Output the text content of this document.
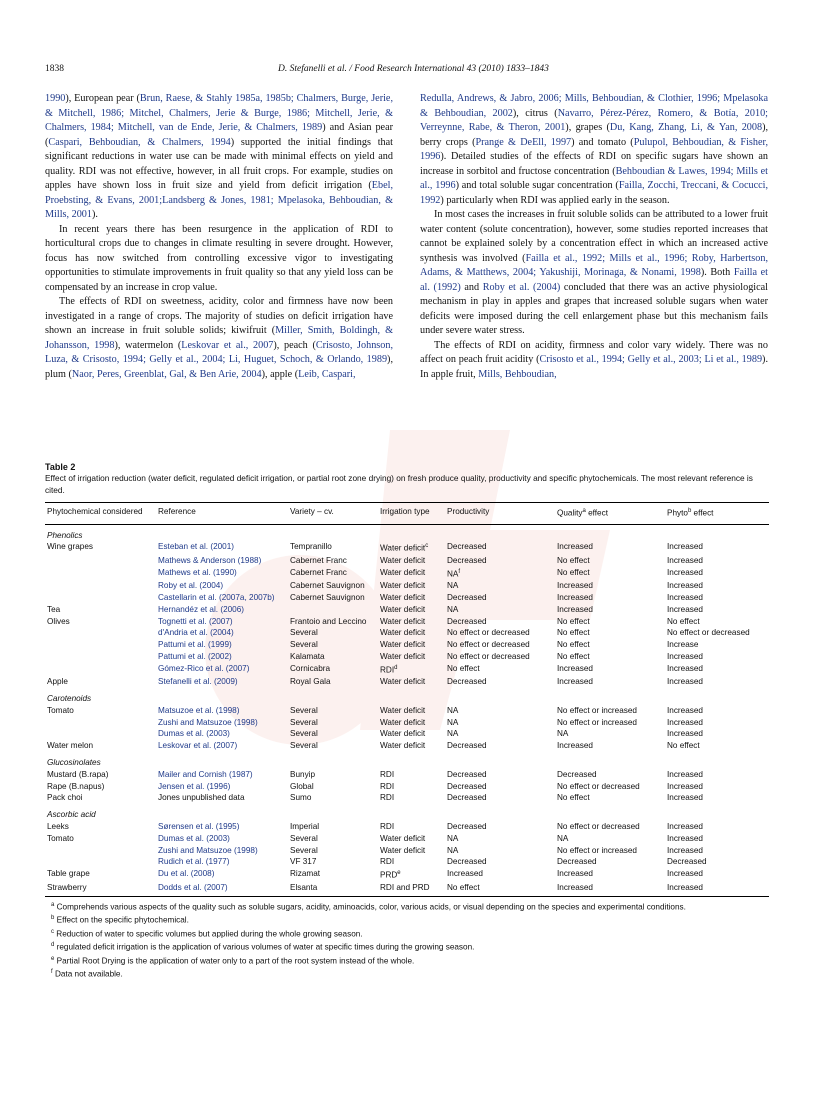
1838	D. Stefanelli et al. / Food Research International 43 (2010) 1833–1843

1990), European pear (Brun, Raese, & Stahly 1985a, 1985b; Chalmers, Burge, Jerie, & Mitchell, 1986; Mitchel, Chalmers, Jerie & Burge, 1986; Mitchell, Jerie, & Chalmers, 1984; Mitchell, van de Ende, Jerie, & Chalmers, 1989) and Asian pear (Caspari, Behboudian, & Chalmers, 1994) supported the initial findings that significant reductions in water use can be made with minimal effects on yield and quality. RDI was not effective, however, in all fruit crops. For example, studies on apples have shown loss in fruit size and yield from deficit irrigation (Ebel, Proebsting, & Evans, 2001;Landsberg & Jones, 1981; Mpelasoka, Behboudian, & Mills, 2001).

In recent years there has been resurgence in the application of RDI to horticultural crops due to changes in climate resulting in severe drought. However, focus has now switched from controlling excessive vigor to investigating opportunities to stimulate improvements in fruit quality so that any yield loss can be compensated by an increase in crop value.

The effects of RDI on sweetness, acidity, color and firmness have now been investigated in a range of crops. The majority of studies on deficit irrigation have shown an increase in fruit soluble solids; kiwifruit (Miller, Smith, Boldingh, & Johansson, 1998), watermelon (Leskovar et al., 2007), peach (Crisosto, Johnson, Luza, & Crisosto, 1994; Gelly et al., 2004; Li, Huguet, Schoch, & Orlando, 1989), plum (Naor, Peres, Greenblat, Gal, & Ben Arie, 2004), apple (Leib, Caspari,

Redulla, Andrews, & Jabro, 2006; Mills, Behboudian, & Clothier, 1996; Mpelasoka & Behboudian, 2002), citrus (Navarro, Pérez-Pérez, Romero, & Botía, 2010; Verreynne, Rabe, & Theron, 2001), grapes (Du, Kang, Zhang, Li, & Yan, 2008), berry crops (Prange & DeEll, 1997) and tomato (Pulupol, Behboudian, & Fisher, 1996). Detailed studies of the effects of RDI on specific sugars have shown an increase in sorbitol and fructose concentration (Behboudian & Lawes, 1994; Mills et al., 1996) and total soluble sugar concentration (Failla, Zocchi, Treccani, & Cocucci, 1992) particularly when RDI was applied early in the season.

In most cases the increases in fruit soluble solids can be attributed to a lower fruit water content (solute concentration), however, some studies reported increases that cannot be explained solely by a concentration effect in which an increased active synthesis was involved (Failla et al., 1992; Mills et al., 1996; Roby, Harbertson, Adams, & Matthews, 2004; Yakushiji, Morinaga, & Nonami, 1998). Both Failla et al. (1992) and Roby et al. (2004) concluded that there was an active physiological mechanism in play in apples and grapes that increased soluble sugars when water deficits were imposed during the cell enlargement phase but this mechanism fails under severe water stress.

The effects of RDI on acidity, firmness and color vary widely. There was no affect on peach fruit acidity (Crisosto et al., 1994; Gelly et al., 2003; Li et al., 1989). In apple fruit, Mills, Behboudian,

Table 2
Effect of irrigation reduction (water deficit, regulated deficit irrigation, or partial root zone drying) on fresh produce quality, productivity and specific phytochemicals. The most relevant reference is cited.
Phytochemical considered	Reference	Variety – cv.	Irrigation type	Productivity	Quality$^a$ effect	Phyto$^b$ effect
Phenolics						
Wine grapes	Esteban et al. (2001)	Tempranillo	Water deficit$^c$	Decreased	Increased	Increased
	Mathews & Anderson (1988)	Cabernet Franc	Water deficit	Decreased	No effect	Increased
	Mathews et al. (1990)	Cabernet Franc	Water deficit	$NA^f$	No effect	Increased
	Roby et al. (2004)	Cabernet Sauvignon	Water deficit	NA	Increased	Increased
	Castellarin et al. (2007a, 2007b)	Cabernet Sauvignon	Water deficit	Decreased	Increased	Increased
Tea	Hernandéz et al. (2006)		Water deficit	NA	Increased	Increased
Olives	Tognetti et al. (2007)	Frantoio and Leccino	Water deficit	Decreased	No effect	No effect
	d'Andria et al. (2004)	Several	Water deficit	No effect or decreased	No effect	No effect or decreased
	Pattumi et al. (1999)	Several	Water deficit	No effect or decreased	No effect	Increase
	Pattumi et al. (2002)	Kalamata	Water deficit	No effect or decreased	No effect	Increased
	Gómez-Rico et al. (2007)	Cornicabra	RDI$^d$	No effect	Increased	Increased
Apple	Stefanelli et al. (2009)	Royal Gala	Water deficit	Decreased	Increased	Increased
Carotenoids						
Tomato	Matsuzoe et al. (1998)	Several	Water deficit	NA	No effect or increased	Increased
	Zushi and Matsuzoe (1998)	Several	Water deficit	NA	No effect or increased	Increased
	Dumas et al. (2003)	Several	Water deficit	NA	NA	Increased
Water melon	Leskovar et al. (2007)	Several	Water deficit	Decreased	Increased	No effect
Glucosinolates						
Mustard (B.rapa)	Mailer and Cornish (1987)	Bunyip	RDI	Decreased	Decreased	Increased
Rape (B.napus)	Jensen et al. (1996)	Global	RDI	Decreased	No effect or decreased	Increased
Pack choi	Jones unpublished data	Sumo	RDI	Decreased	No effect	Increased
Ascorbic acid						
Leeks	Sørensen et al. (1995)	Imperial	RDI	Decreased	No effect or decreased	Increased
Tomato	Dumas et al. (2003)	Several	Water deficit	NA	NA	Increased
	Zushi and Matsuzoe (1998)	Several	Water deficit	NA	No effect or increased	Increased
	Rudich et al. (1977)	VF 317	RDI	Decreased	Decreased	Decreased
Table grape	Du et al. (2008)	Rizamat	PRD$^e$	Increased	Increased	Increased
Strawberry	Dodds et al. (2007)	Elsanta	RDI and PRD	No effect	Increased	Increased
$^a$ Comprehends various aspects of the quality such as soluble sugars, acidity, aminoacids, color, various acids, or visual depending on the species and experimental conditions.
$^b$ Effect on the specific phytochemical.
$^c$ Reduction of water to specific volumes but applied during the whole growing season.
$^d$ regulated deficit irrigation is the application of various volumes of water at specific times during the growing season.
$^e$ Partial Root Drying is the application of water only to a part of the root system instead of the whole.
$^f$ Data not available.
